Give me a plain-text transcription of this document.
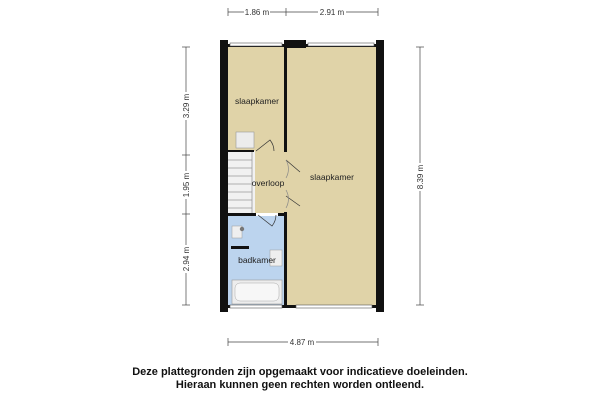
1.86 m	2.91 m
4.87 m
3.29 m
1.95 m
2.94 m
8.39 m
slaapkamer
overloop
slaapkamer
badkamer
Deze plattegronden zijn opgemaakt voor indicatieve doeleinden.
Hieraan kunnen geen rechten worden ontleend.
